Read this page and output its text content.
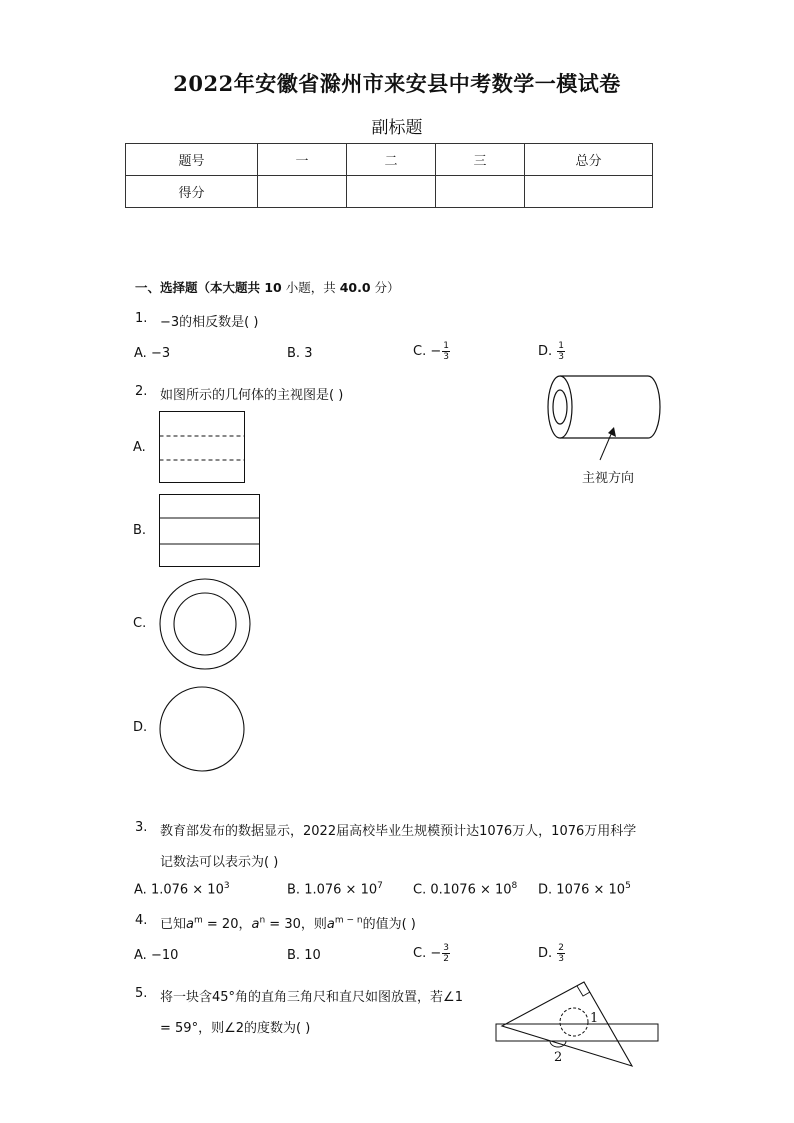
2022年安徽省滁州市来安县中考数学一模试卷
副标题
题号	一	二	三	总分
得分				
一、选择题（本大题共 10 小题，共 40.0 分）
1. −3的相反数是( )
A. −3	B. 3	C. − $\frac{1}{3}$	D. $\frac{1}{3}$
2. 如图所示的几何体的主视图是( )
主视方向
A.
B.
C.
D.
3. 教育部发布的数据显示，2022届高校毕业生规模预计达1076万人，1076万用科学
记数法可以表示为( )
A. $1.076 \times 10^3$	B. $1.076 \times 10^7$ C. $0.1076 \times 10^8$ D. $1076 \times 10^5$
4. 已知$a^m = 20$，$a^n = 30$，则$a^{m - n}$的值为( )
A. −10	B. 10	C. − $\frac{3}{2}$	D. $\frac{2}{3}$
5. 将一块含45°角的直角三角尺和直尺如图放置，若∠1
= 59°，则∠2的度数为( )
1
2
